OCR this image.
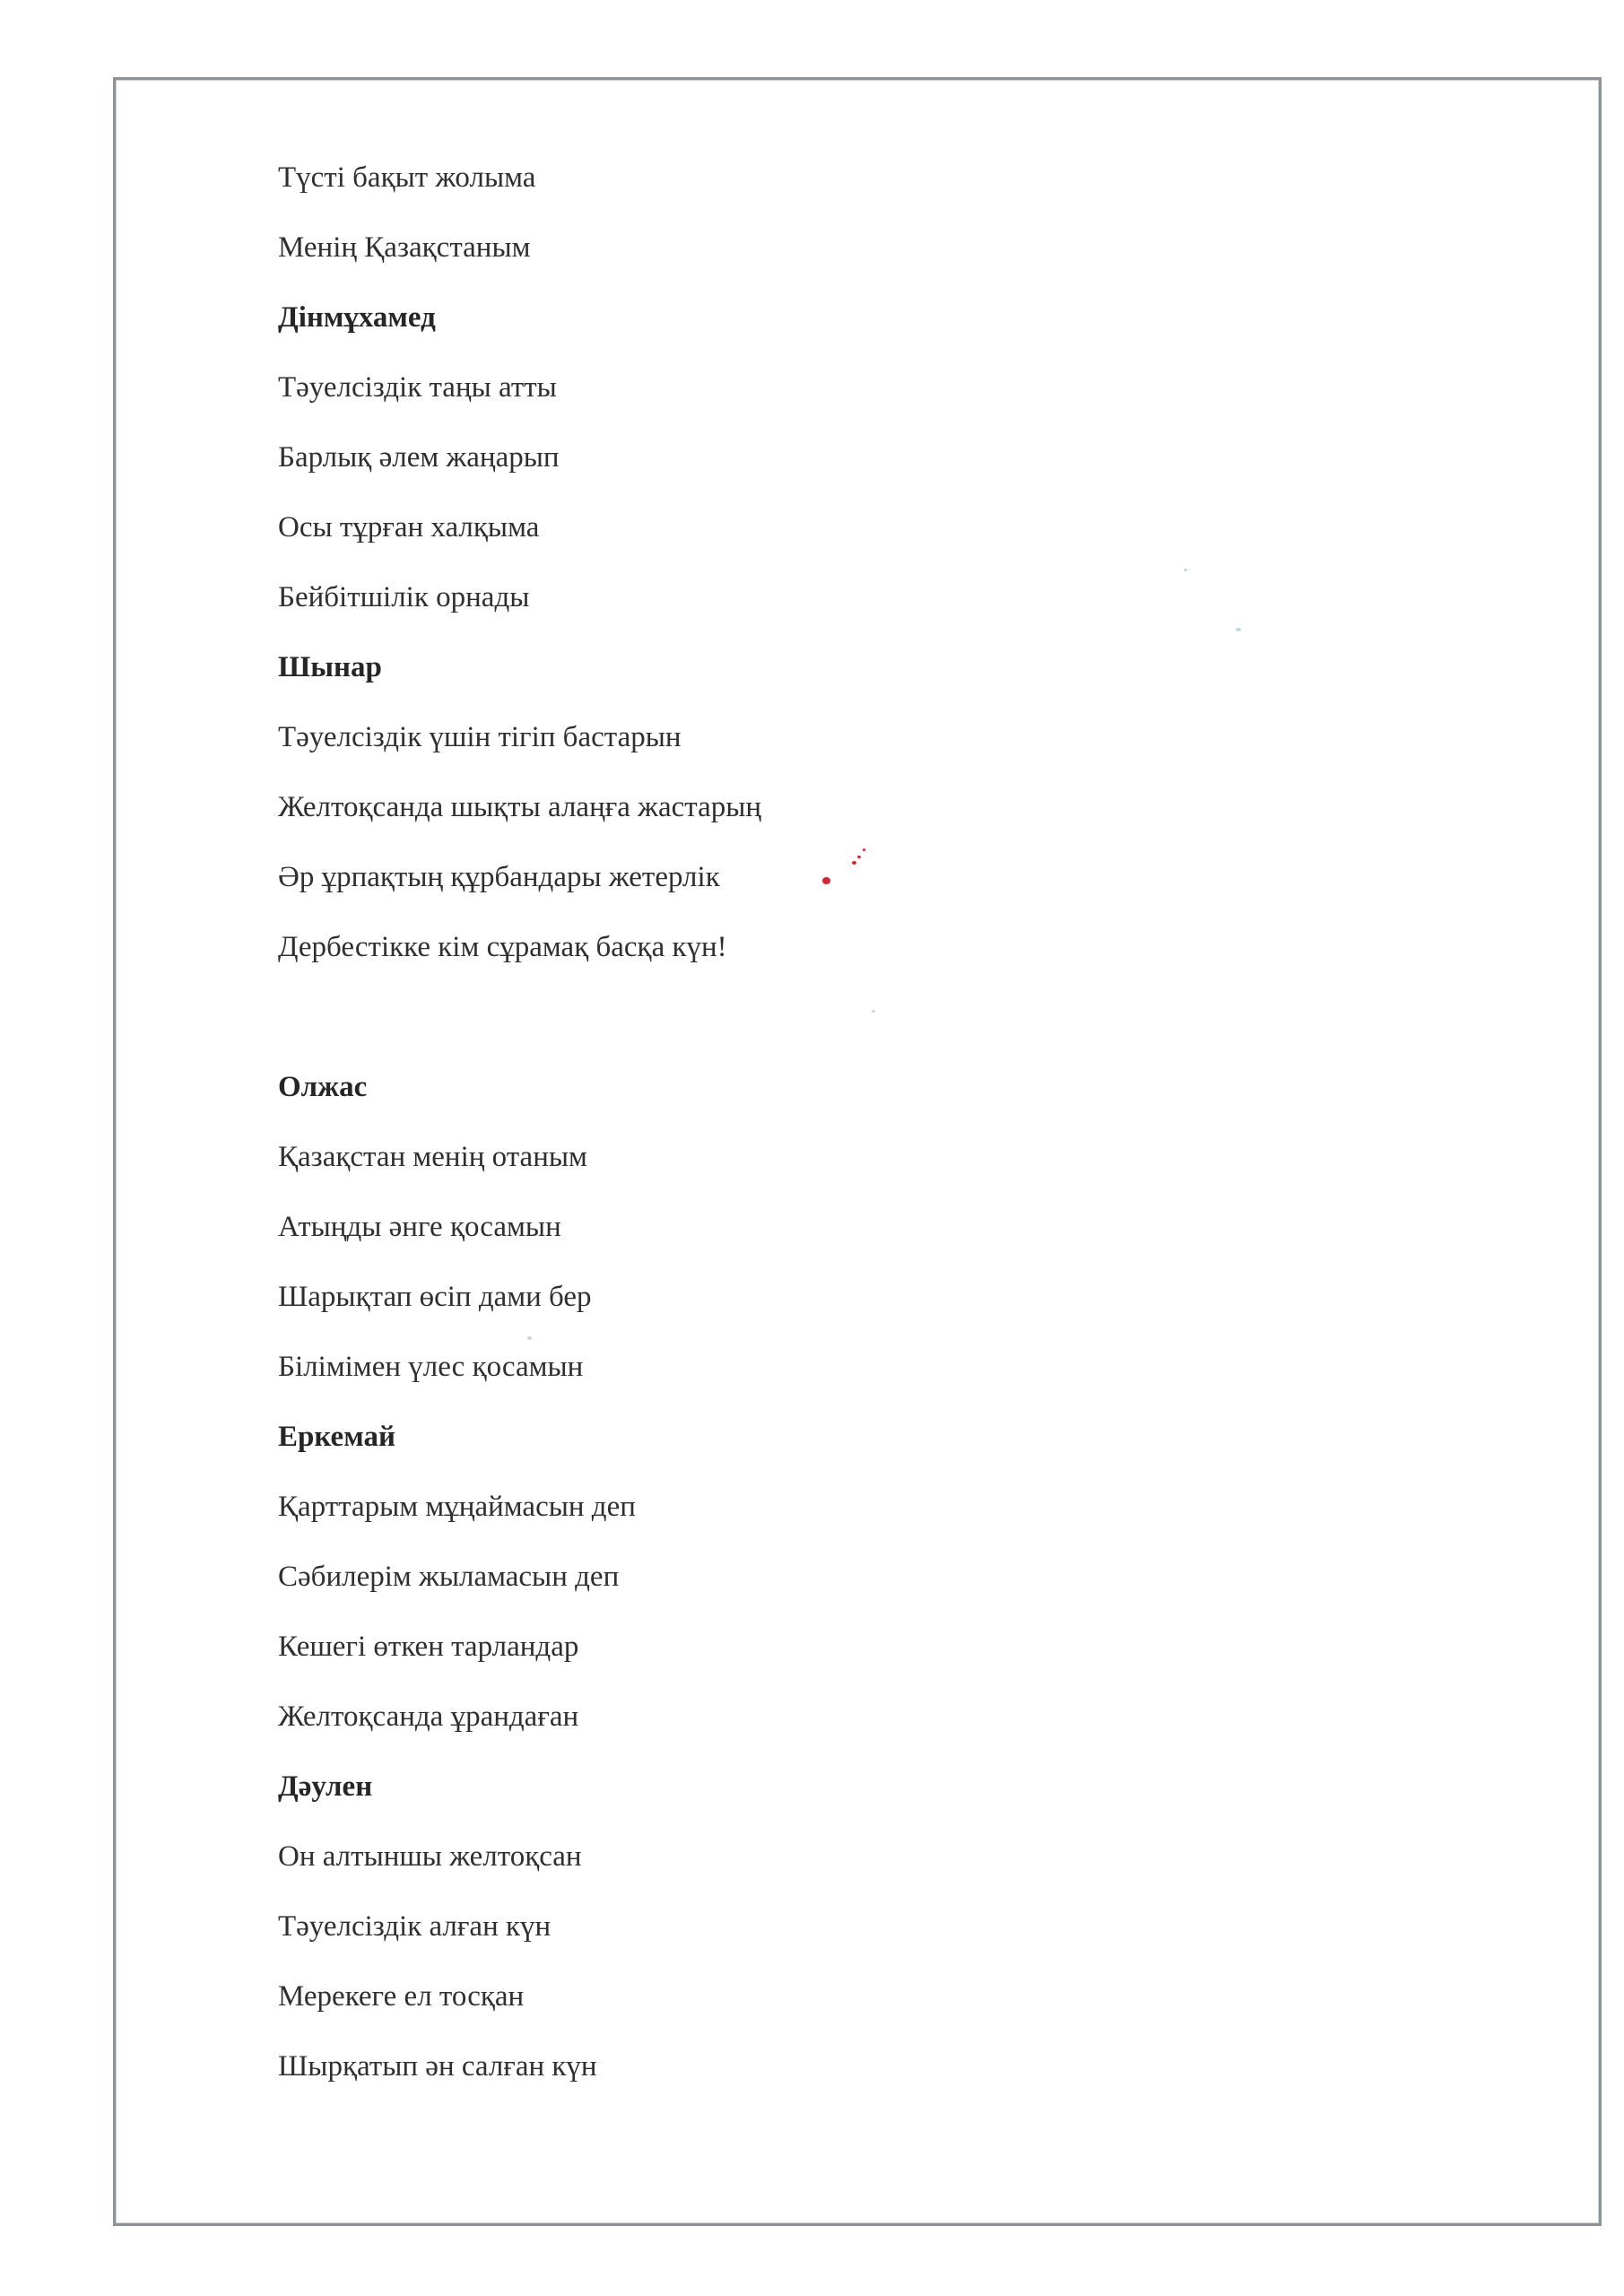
Түсті бақыт жолыма
Менің Қазақстаным
Дінмұхамед
Тәуелсіздік таңы атты
Барлық әлем жаңарып
Осы тұрған халқыма
Бейбітшілік орнады
Шынар
Тәуелсіздік үшін тігіп бастарын
Желтоқсанда шықты алаңға жастарың
Әр ұрпақтың құрбандары жетерлік
Дербестікке кім сұрамақ басқа күн!
Олжас
Қазақстан менің отаным
Атыңды әнге қосамын
Шарықтап өсіп дами бер
Білімімен үлес қосамын
Еркемай
Қарттарым мұңаймасын деп
Сәбилерім жыламасын деп
Кешегі өткен тарландар
Желтоқсанда ұрандаған
Дәулен
Он алтыншы желтоқсан
Тәуелсіздік алған күн
Мерекеге ел тосқан
Шырқатып ән салған күн
